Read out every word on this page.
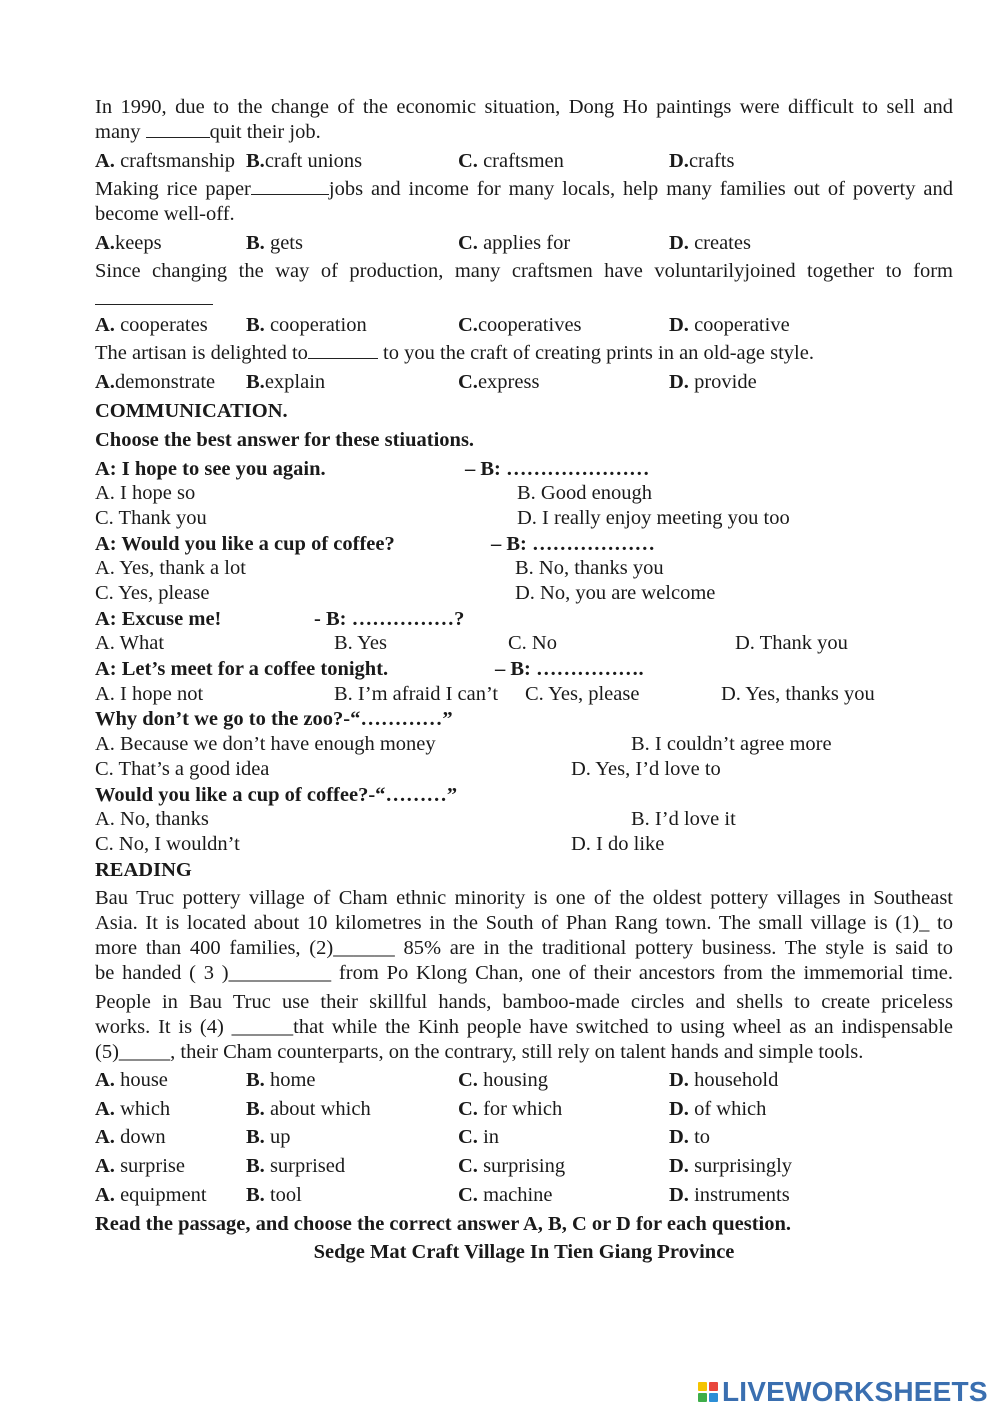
In 1990, due to the change of the economic situation, Dong Ho paintings were difficult to sell and
many	quit their job.
A. craftsmanship B.craft unions	C. craftsmen	D.crafts
Making rice paper	jobs and income for many locals, help many families out of poverty and
become well-off.
A.keeps	B. gets	C. applies for	D. creates
Since changing the way of production, many craftsmen have voluntarilyjoined together to form
A. cooperates B. cooperation	C.cooperatives	D. cooperative
The artisan is delighted to	to you the craft of creating prints in an old-age style.
A.demonstrate B.explain	C.express	D. provide
COMMUNICATION.
Choose the best answer for these stiuations.
A: I hope to see you again.	– B: …………………
A. I hope so	B. Good enough
C. Thank you	D. I really enjoy meeting you too
A: Would you like a cup of coffee?	– B: ………………
A. Yes, thank a lot	B. No, thanks you
C. Yes, please	D. No, you are welcome
A: Excuse me!	- B: ……………?
A. What	B. Yes	C. No	D. Thank you
A: Let’s meet for a coffee tonight.	– B: …………….
A. I hope not	B. I’m afraid I can’t C. Yes, please	D. Yes, thanks you
Why don’t we go to the zoo?-“…………”
A. Because we don’t have enough money	B. I couldn’t agree more
C. That’s a good idea	D. Yes, I’d love to
Would you like a cup of coffee?-“………”
A. No, thanks	B. I’d love it
C. No, I wouldn’t	D. I do like
READING
Bau Truc pottery village of Cham ethnic minority is one of the oldest pottery villages in Southeast
Asia. It is located about 10 kilometres in the South of Phan Rang town. The small village is (1)_ to
more than 400 families, (2)______ 85% are in the traditional pottery business. The style is said to
be handed ( 3 )__________ from Po Klong Chan, one of their ancestors from the immemorial time.
People in Bau Truc use their skillful hands, bamboo-made circles and shells to create priceless
works. It is (4) ______that while the Kinh people have switched to using wheel as an indispensable
(5)_____, their Cham counterparts, on the contrary, still rely on talent hands and simple tools.
A. house	B. home	C. housing	D. household
A. which	B. about which	C. for which	D. of which
A. down	B. up	C. in	D. to
A. surprise	B. surprised	C. surprising	D. surprisingly
A. equipment B. tool	C. machine	D. instruments
Read the passage, and choose the correct answer A, B, C or D for each question.
Sedge Mat Craft Village In Tien Giang Province
LIVEWORKSHEETS
